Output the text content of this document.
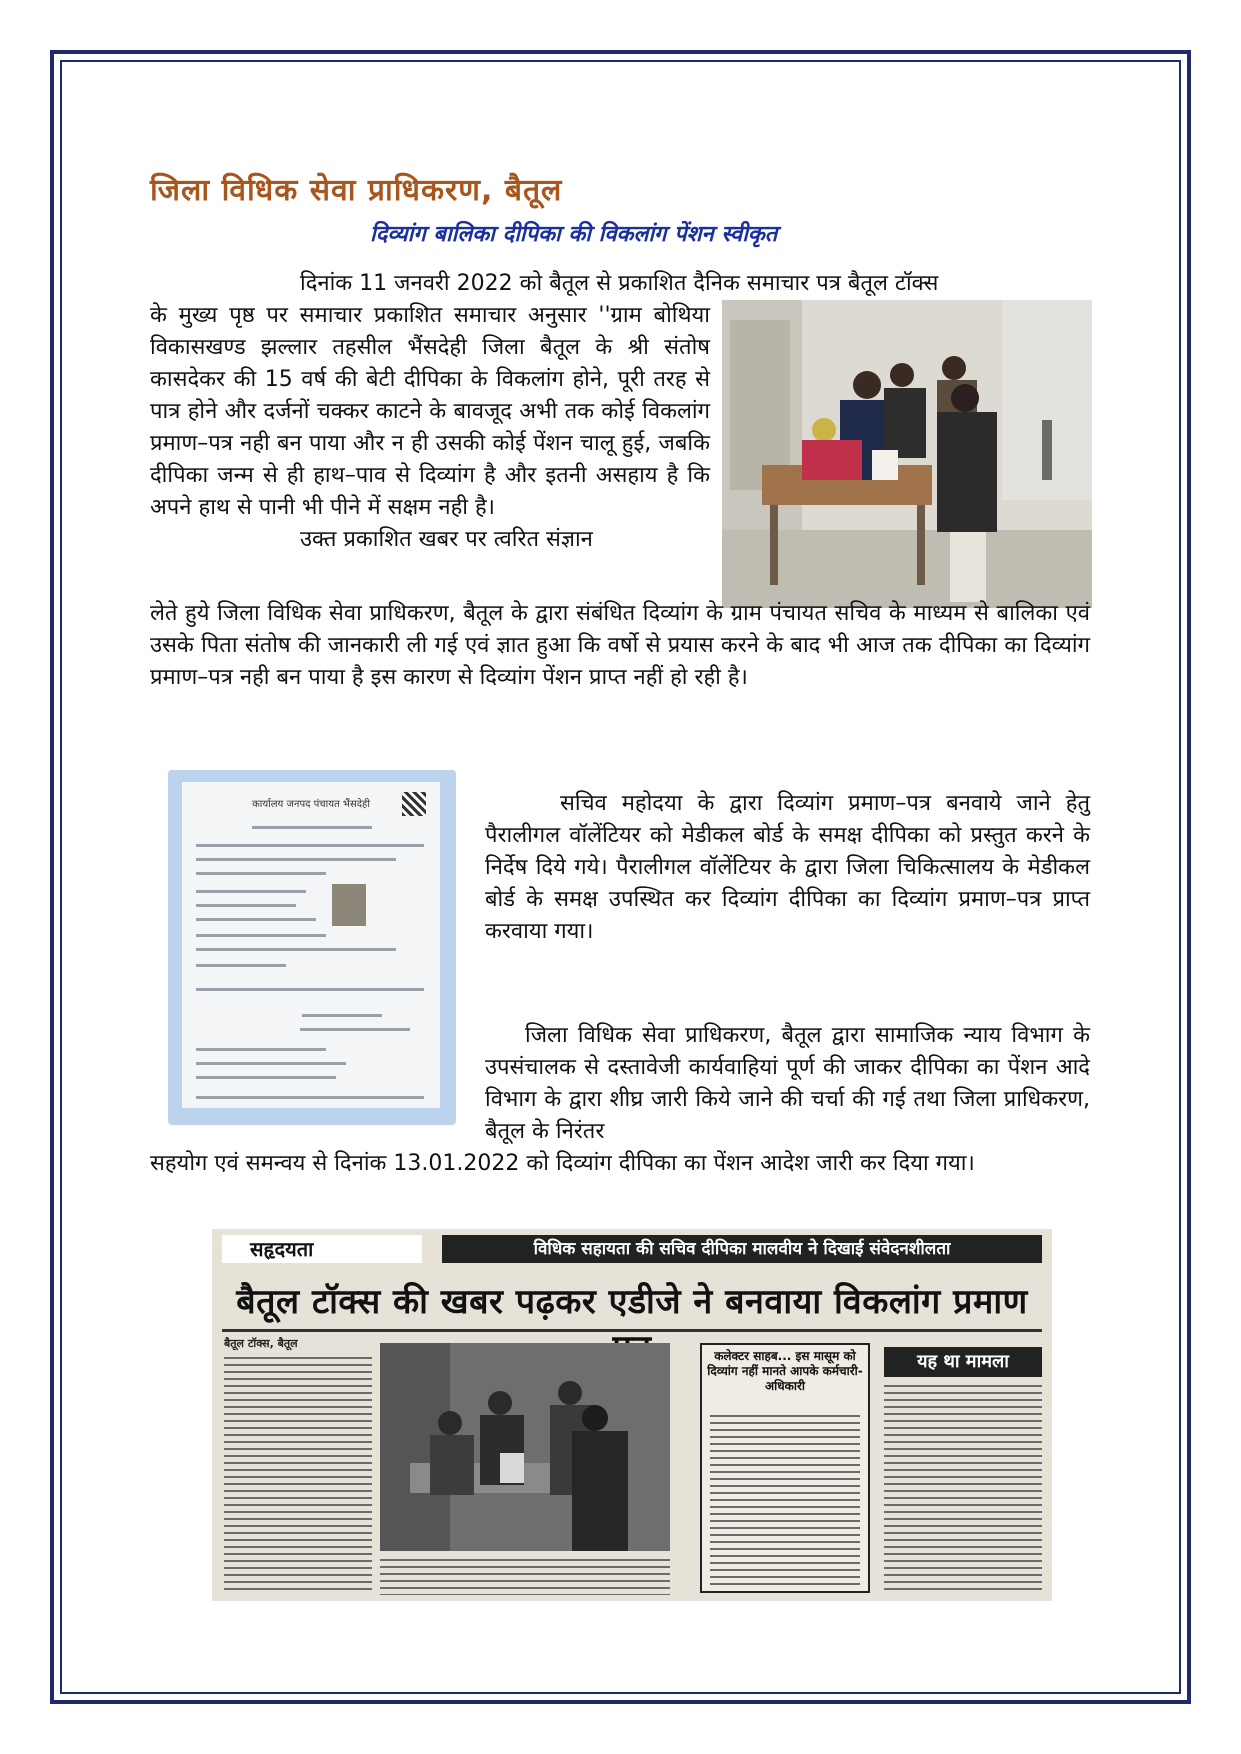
जिला विधिक सेवा प्राधिकरण, बैतूल
दिव्यांग बालिका दीपिका की विकलांग पेंशन स्वीकृत
दिनांक 11 जनवरी 2022 को बैतूल से प्रकाशित दैनिक समाचार पत्र बैतूल टॉक्स
के मुख्य पृष्ठ पर समाचार प्रकाशित समाचार अनुसार ''ग्राम बोथिया विकासखण्ड झल्लार तहसील भैंसदेही जिला बैतूल के श्री संतोष कासदेकर की 15 वर्ष की बेटी दीपिका के विकलांग होने, पूरी तरह से पात्र होने और दर्जनों चक्कर काटने के बावजूद अभी तक कोई विकलांग प्रमाण–पत्र नही बन पाया और न ही उसकी कोई पेंशन चालू हुई, जबकि दीपिका जन्म से ही हाथ–पाव से दिव्यांग है और इतनी असहाय है कि अपने हाथ से पानी भी पीने में सक्षम नही है।
उक्त प्रकाशित खबर पर त्वरित संज्ञान
लेते हुये जिला विधिक सेवा प्राधिकरण, बैतूल के द्वारा संबंधित दिव्यांग के ग्राम पंचायत सचिव के माध्यम से बालिका एवं उसके पिता संतोष की जानकारी ली गई एवं ज्ञात हुआ कि वर्षो से प्रयास करने के बाद भी आज तक दीपिका का दिव्यांग प्रमाण–पत्र नही बन पाया है इस कारण से दिव्यांग पेंशन प्राप्त नहीं हो रही है।
कार्यालय जनपद पंचायत भैंसदेही	सचिव महोदया के द्वारा दिव्यांग प्रमाण–पत्र बनवाये जाने हेतु पैरालीगल वॉलेंटियर को मेडीकल बोर्ड के समक्ष दीपिका को प्रस्तुत करने के निर्देष दिये गये। पैरालीगल वॉलेंटियर के द्वारा जिला चिकित्सालय के मेडीकल बोर्ड के समक्ष उपस्थित कर दिव्यांग दीपिका का दिव्यांग प्रमाण–पत्र प्राप्त करवाया गया।
जिला विधिक सेवा प्राधिकरण, बैतूल द्वारा सामाजिक न्याय विभाग के उपसंचालक से दस्तावेजी कार्यवाहियां पूर्ण की जाकर दीपिका का पेंशन आदे विभाग के द्वारा शीघ्र जारी किये जाने की चर्चा की गई तथा जिला प्राधिकरण, बैतूल के निरंतर
सहयोग एवं समन्वय से दिनांक 13.01.2022 को दिव्यांग दीपिका का पेंशन आदेश जारी कर दिया गया।
सहृदयता	विधिक सहायता की सचिव दीपिका मालवीय ने दिखाई संवेदनशीलता
बैतूल टॉक्स की खबर पढ़कर एडीजे ने बनवाया विकलांग प्रमाण
बैतूल टॉक्स, बैतूल
कलेक्टर साहब... इस मासूम को दिव्यांग नहीं मानते आपके कर्मचारी-अधिकारी
यह था मामला
